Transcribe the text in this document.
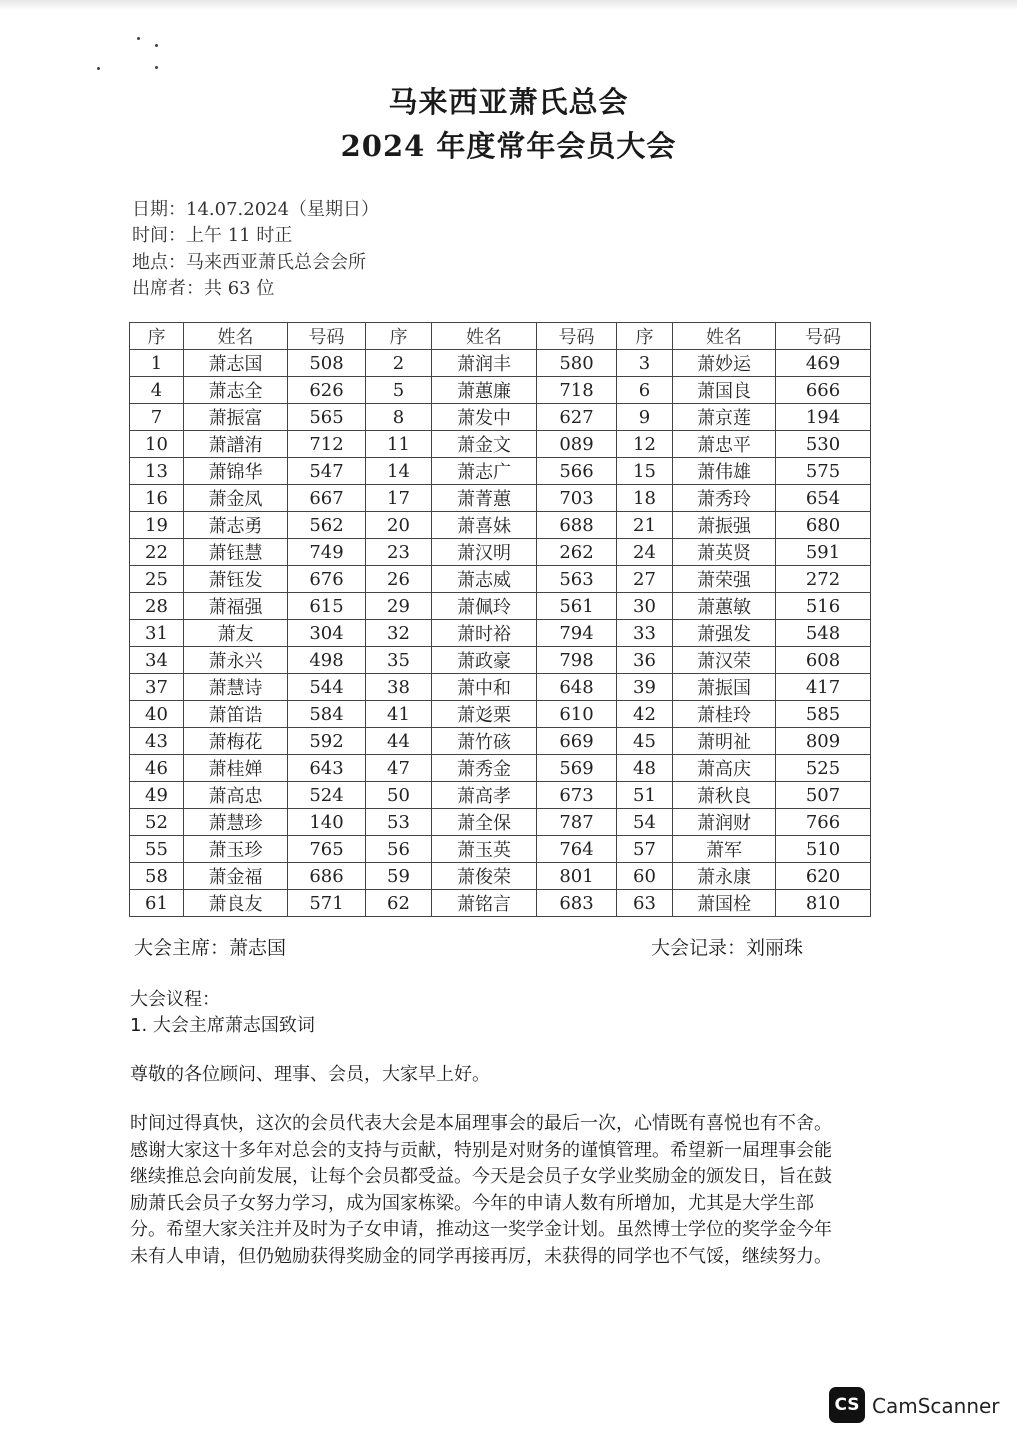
马来西亚萧氏总会
2024 年度常年会员大会
日期：14.07.2024（星期日）
时间：上午 11 时正
地点：马来西亚萧氏总会会所
出席者：共 63 位
序	姓名	号码	序	姓名	号码	序	姓名	号码
1	萧志国	508	2	萧润丰	580	3	萧妙运	469
4	萧志全	626	5	萧蕙廉	718	6	萧国良	666
7	萧振富	565	8	萧发中	627	9	萧京莲	194
10	萧譜洧	712	11	萧金文	089	12	萧忠平	530
13	萧锦华	547	14	萧志广	566	15	萧伟雄	575
16	萧金凤	667	17	萧菁蕙	703	18	萧秀玲	654
19	萧志勇	562	20	萧喜妹	688	21	萧振强	680
22	萧钰慧	749	23	萧汉明	262	24	萧英贤	591
25	萧钰发	676	26	萧志威	563	27	萧荣强	272
28	萧福强	615	29	萧佩玲	561	30	萧蕙敏	516
31	萧友	304	32	萧时裕	794	33	萧强发	548
34	萧永兴	498	35	萧政豪	798	36	萧汉荣	608
37	萧慧诗	544	38	萧中和	648	39	萧振国	417
40	萧笛诰	584	41	萧彣栗	610	42	萧桂玲	585
43	萧梅花	592	44	萧竹硋	669	45	萧明祉	809
46	萧桂婵	643	47	萧秀金	569	48	萧高庆	525
49	萧高忠	524	50	萧高孝	673	51	萧秋良	507
52	萧慧珍	140	53	萧全保	787	54	萧润财	766
55	萧玉珍	765	56	萧玉英	764	57	萧军	510
58	萧金福	686	59	萧俊荣	801	60	萧永康	620
61	萧良友	571	62	萧铭言	683	63	萧国栓	810
大会主席：萧志国	大会记录：刘丽珠
大会议程：
1. 大会主席萧志国致词
尊敬的各位顾问、理事、会员，大家早上好。
时间过得真快，这次的会员代表大会是本届理事会的最后一次，心情既有喜悦也有不舍。
感谢大家这十多年对总会的支持与贡献，特别是对财务的谨慎管理。希望新一届理事会能
继续推总会向前发展，让每个会员都受益。今天是会员子女学业奖励金的颁发日，旨在鼓
励萧氏会员子女努力学习，成为国家栋梁。今年的申请人数有所增加，尤其是大学生部
分。希望大家关注并及时为子女申请，推动这一奖学金计划。虽然博士学位的奖学金今年
未有人申请，但仍勉励获得奖励金的同学再接再厉，未获得的同学也不气馁，继续努力。
CS CamScanner
